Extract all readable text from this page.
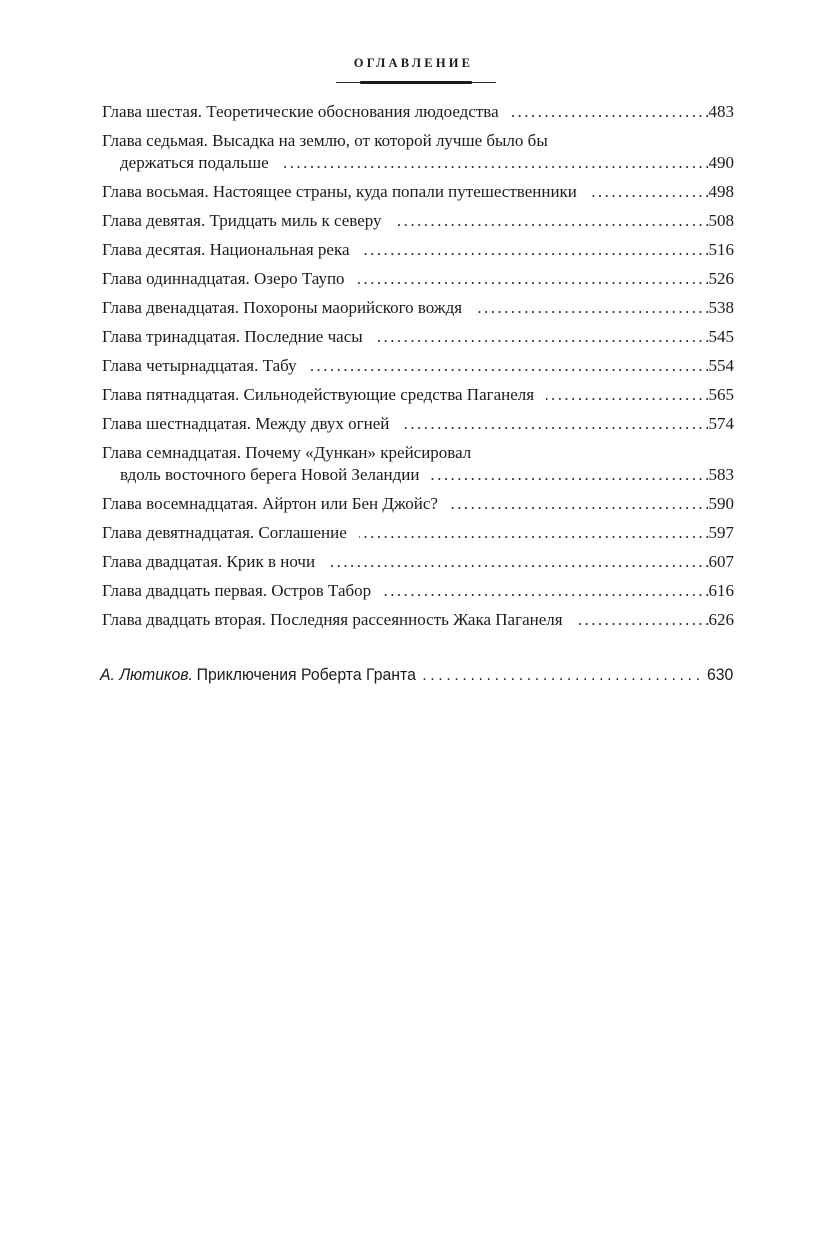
ОГЛАВЛЕНИЕ
Глава шестая. Теоретические обоснования людоедства . . .	483
Глава седьмая. Высадка на землю, от которой лучше было бы
держаться подальше . . .	490
Глава восьмая. Настоящее страны, куда попали путешественники . . .	498
Глава девятая. Тридцать миль к северу . . .	508
Глава десятая. Национальная река . . .	516
Глава одиннадцатая. Озеро Таупо . . .	526
Глава двенадцатая. Похороны маорийского вождя . . .	538
Глава тринадцатая. Последние часы . . .	545
Глава четырнадцатая. Табу . . .	554
Глава пятнадцатая. Сильнодействующие средства Паганеля . . .	565
Глава шестнадцатая. Между двух огней . . .	574
Глава семнадцатая. Почему «Дункан» крейсировал
вдоль восточного берега Новой Зеландии . . .	583
Глава восемнадцатая. Айртон или Бен Джойс? . . .	590
Глава девятнадцатая. Соглашение . . .	597
Глава двадцатая. Крик в ночи . . .	607
Глава двадцать первая. Остров Табор . . .	616
Глава двадцать вторая. Последняя рассеянность Жака Паганеля . . .	626
А. Лютиков. Приключения Роберта Гранта . . .	630
